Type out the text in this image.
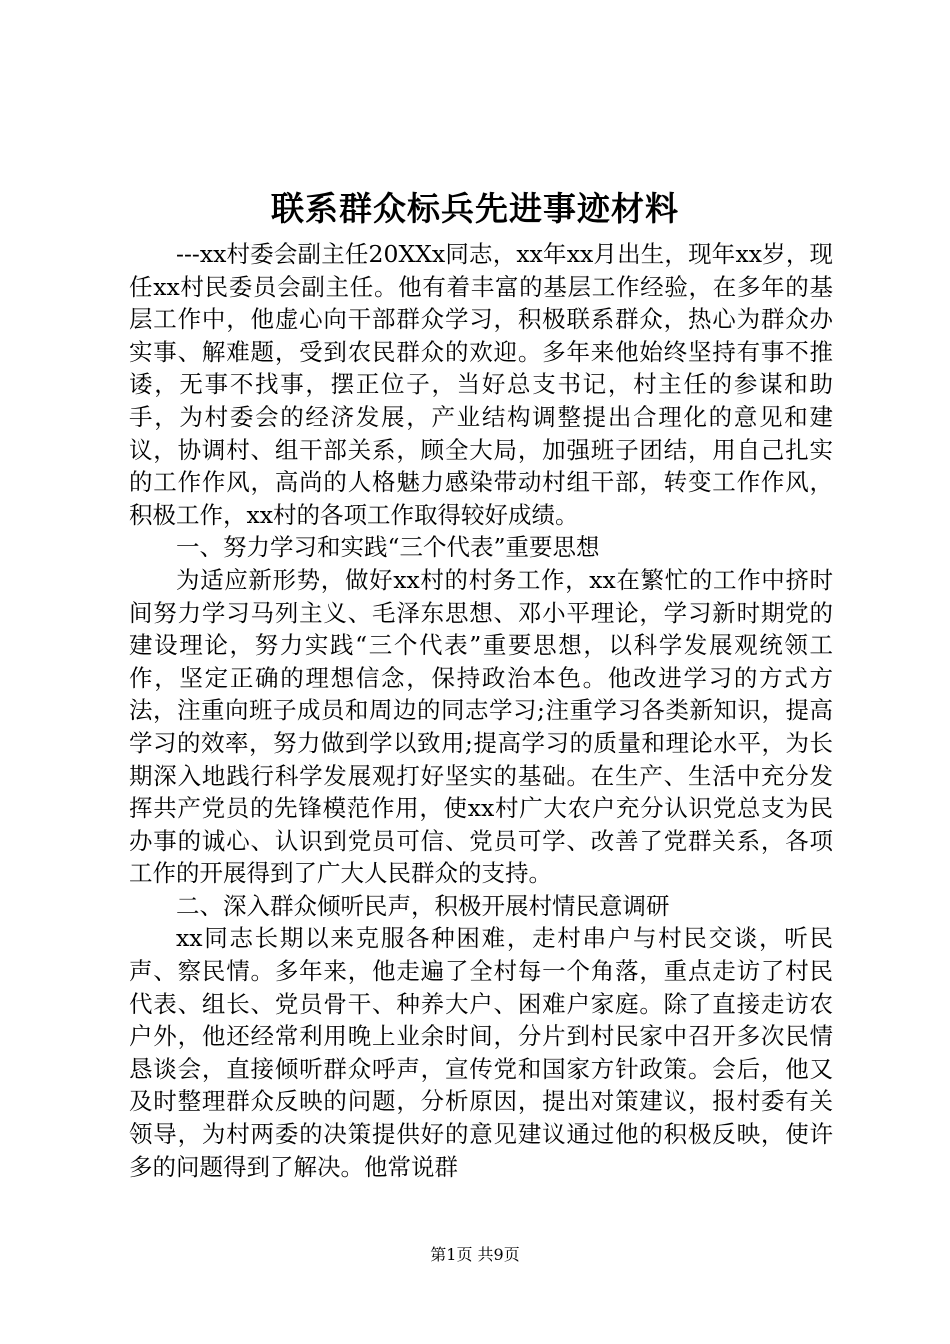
联系群众标兵先进事迹材料

---xx村委会副主任20XXx同志，xx年xx月出生，现年xx岁，现任xx村民委员会副主任。他有着丰富的基层工作经验，在多年的基层工作中，他虚心向干部群众学习，积极联系群众，热心为群众办实事、解难题，受到农民群众的欢迎。多年来他始终坚持有事不推诿，无事不找事，摆正位子，当好总支书记，村主任的参谋和助手，为村委会的经济发展，产业结构调整提出合理化的意见和建议，协调村、组干部关系，顾全大局，加强班子团结，用自己扎实的工作作风，高尚的人格魅力感染带动村组干部，转变工作作风，积极工作，xx村的各项工作取得较好成绩。

一、努力学习和实践“三个代表”重要思想

为适应新形势，做好xx村的村务工作，xx在繁忙的工作中挤时间努力学习马列主义、毛泽东思想、邓小平理论，学习新时期党的建设理论，努力实践“三个代表”重要思想，以科学发展观统领工作，坚定正确的理想信念，保持政治本色。他改进学习的方式方法，注重向班子成员和周边的同志学习;注重学习各类新知识，提高学习的效率，努力做到学以致用;提高学习的质量和理论水平，为长期深入地践行科学发展观打好坚实的基础。在生产、生活中充分发挥共产党员的先锋模范作用，使xx村广大农户充分认识党总支为民办事的诚心、认识到党员可信、党员可学、改善了党群关系，各项工作的开展得到了广大人民群众的支持。

二、深入群众倾听民声，积极开展村情民意调研

xx同志长期以来克服各种困难，走村串户与村民交谈，听民声、察民情。多年来，他走遍了全村每一个角落，重点走访了村民代表、组长、党员骨干、种养大户、困难户家庭。除了直接走访农户外，他还经常利用晚上业余时间，分片到村民家中召开多次民情恳谈会，直接倾听群众呼声，宣传党和国家方针政策。会后，他又及时整理群众反映的问题，分析原因，提出对策建议，报村委有关领导，为村两委的决策提供好的意见建议通过他的积极反映，使许多的问题得到了解决。他常说群

第1页 共9页
